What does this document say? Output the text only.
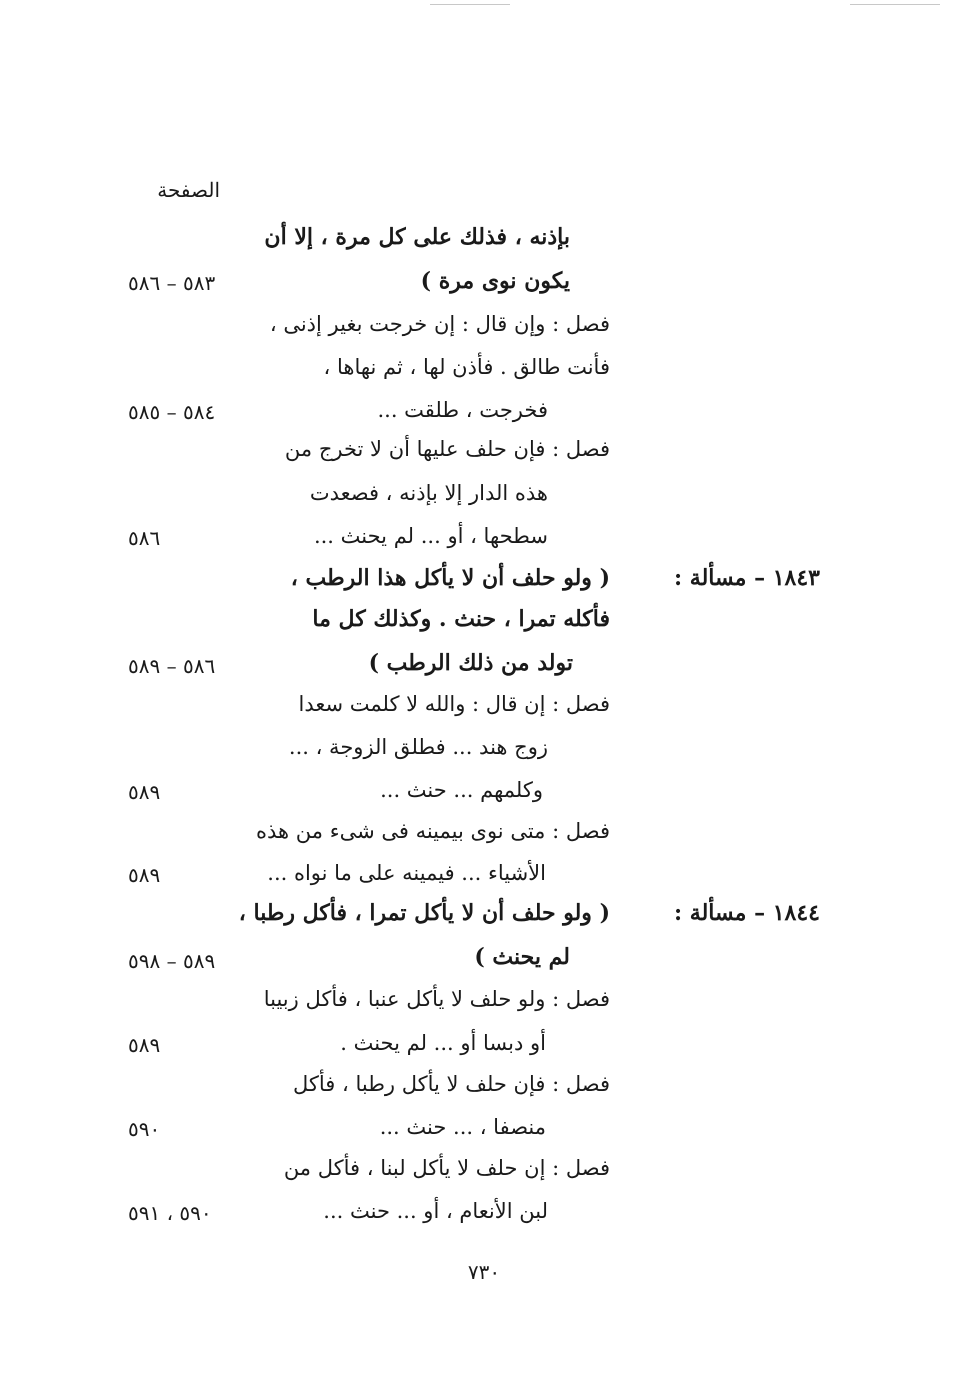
الصفحة
بإذنه ، فذلك على كل مرة ، إلا أن
يكون نوى مرة )
٥٨٣ – ٥٨٦
فصل : وإن قال : إن خرجت بغير إذنى ،
فأنت طالق . فأذن لها ، ثم نهاها ،
فخرجت ، طلقت ...
٥٨٤ – ٥٨٥
فصل : فإن حلف عليها أن لا تخرج من
هذه الدار إلا بإذنه ، فصعدت
سطحها ، أو ... لم يحنث ...
٥٨٦
١٨٤٣ – مسألة :
( ولو حلف أن لا يأكل هذا الرطب ،
فأكله تمرا ، حنث . وكذلك كل ما
تولد من ذلك الرطب )
٥٨٦ – ٥٨٩
فصل : إن قال : والله لا كلمت سعدا
زوج هند ... فطلق الزوجة ، ...
وكلمهم ... حنث ...
٥٨٩
فصل : متى نوى بيمينه فى شىء من هذه
الأشياء ... فيمينه على ما نواه ...
٥٨٩
١٨٤٤ – مسألة :
( ولو حلف أن لا يأكل تمرا ، فأكل رطبا ،
لم يحنث )
٥٨٩ – ٥٩٨
فصل : ولو حلف لا يأكل عنبا ، فأكل زبيبا
أو دبسا أو ... لم يحنث .
٥٨٩
فصل : فإن حلف لا يأكل رطبا ، فأكل
منصفا ، ... حنث ...
٥٩٠
فصل : إن حلف لا يأكل لبنا ، فأكل من
لبن الأنعام ، أو ... حنث ...
٥٩٠ ، ٥٩١
٧٣٠
